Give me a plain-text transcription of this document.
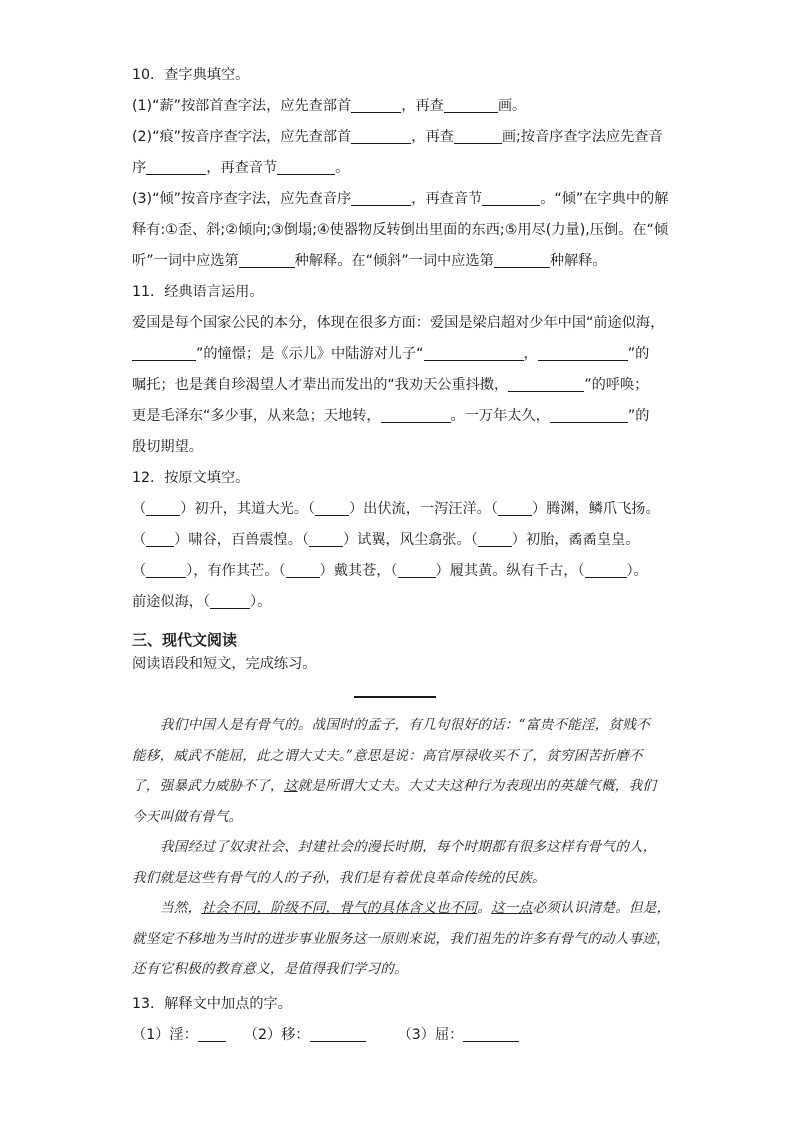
10．查字典填空。
(1)“薪”按部首查字法，应先查部首	，再查	画。
(2)“痕”按音序查字法，应先查部首	，再查	画;按音序查字法应先查音
序	，再查音节	。
(3)“倾”按音序查字法，应先查音序	，再查音节	。“倾”在字典中的解
释有:①歪、斜;②倾向;③倒塌;④使器物反转倒出里面的东西;⑤用尽(力量),压倒。在“倾
听”一词中应选第	种解释。在“倾斜”一词中应选第	种解释。
11．经典语言运用。
爱国是每个国家公民的本分，体现在很多方面：爱国是梁启超对少年中国“前途似海，
”的憧憬；是《示儿》中陆游对儿子“	，	”的
嘱托；也是龚自珍渴望人才辈出而发出的“我劝天公重抖擞，	”的呼唤；
更是毛泽东“多少事，从来急；天地转，	。一万年太久，	”的
殷切期望。
12．按原文填空。
（ ）初升，其道大光。（ ）出伏流，一泻汪洋。（ ）腾渊，鳞爪飞扬。
（ ）啸谷，百兽震惶。（ ）试翼，风尘翕张。（ ）初胎，矞矞皇皇。
（	），有作其芒。（ ）戴其苍，（	）履其黄。纵有千古，（	）。
前途似海，（	）。
三、现代文阅读
阅读语段和短文，完成练习。
我们中国人是有骨气的。战国时的孟子，有几句很好的话：“富贵不能淫，贫贱不
能移，威武不能屈，此之谓大丈夫。”意思是说：高官厚禄收买不了，贫穷困苦折磨不
了，强暴武力威胁不了，这就是所谓大丈夫。大丈夫这种行为表现出的英雄气概，我们
今天叫做有骨气。
我国经过了奴隶社会、封建社会的漫长时期，每个时期都有很多这样有骨气的人，
我们就是这些有骨气的人的子孙，我们是有着优良革命传统的民族。
当然，社会不同，阶级不同，骨气的具体含义也不同。这一点必须认识清楚。但是，
就坚定不移地为当时的进步事业服务这一原则来说，我们祖先的许多有骨气的动人事迹，
还有它积极的教育意义，是值得我们学习的。
13．解释文中加点的字。
（1）淫：	（2）移：	（3）屈：
